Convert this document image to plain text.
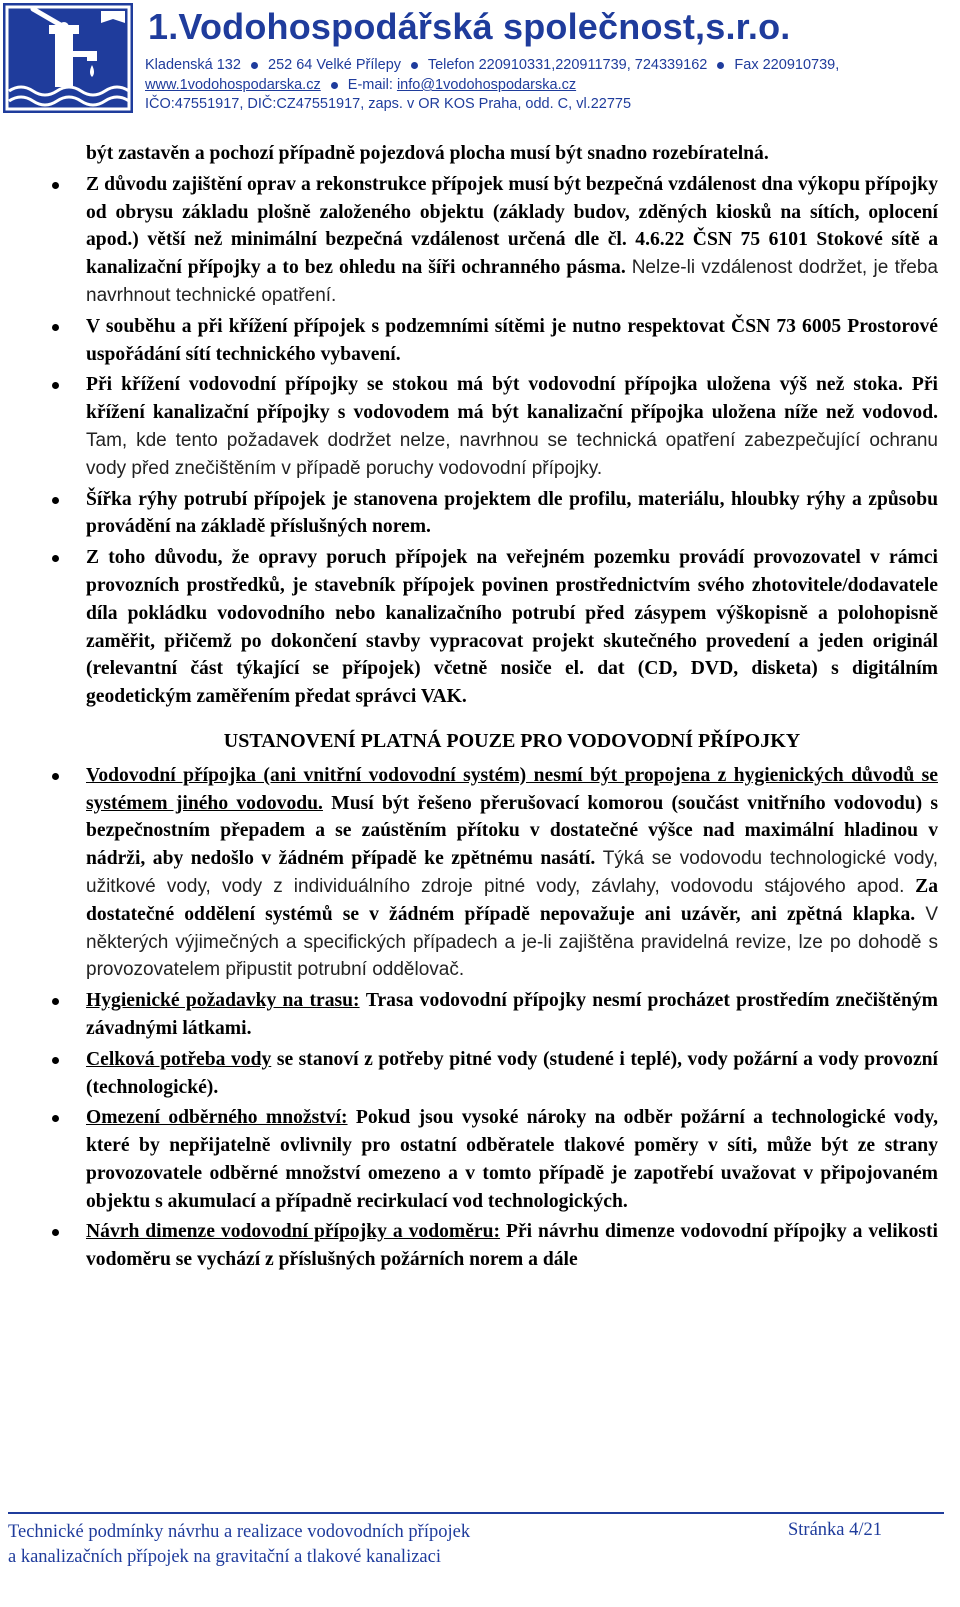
1.Vodohospodářská společnost,s.r.o.
Kladenská 132 252 64 Velké Přílepy Telefon 220910331,220911739, 724339162 Fax 220910739,
www.1vodohospodarska.cz E-mail: info@1vodohospodarska.cz
IČO:47551917, DIČ:CZ47551917, zaps. v OR KOS Praha, odd. C, vl.22775

být zastavěn a pochozí případně pojezdová plocha musí být snadno rozebíratelná.

Z důvodu zajištění oprav a rekonstrukce přípojek musí být bezpečná vzdálenost dna výkopu přípojky od obrysu základu plošně založeného objektu (základy budov, zděných kiosků na sítích, oplocení apod.) větší než minimální bezpečná vzdálenost určená dle čl. 4.6.22 ČSN 75 6101 Stokové sítě a kanalizační přípojky a to bez ohledu na šíři ochranného pásma. Nelze-li vzdálenost dodržet, je třeba navrhnout technické opatření.
V souběhu a při křížení přípojek s podzemními sítěmi je nutno respektovat ČSN 73 6005 Prostorové uspořádání sítí technického vybavení.
Při křížení vodovodní přípojky se stokou má být vodovodní přípojka uložena výš než stoka. Při křížení kanalizační přípojky s vodovodem má být kanalizační přípojka uložena níže než vodovod. Tam, kde tento požadavek dodržet nelze, navrhnou se technická opatření zabezpečující ochranu vody před znečištěním v případě poruchy vodovodní přípojky.
Šířka rýhy potrubí přípojek je stanovena projektem dle profilu, materiálu, hloubky rýhy a způsobu provádění na základě příslušných norem.
Z toho důvodu, že opravy poruch přípojek na veřejném pozemku provádí provozovatel v rámci provozních prostředků, je stavebník přípojek povinen prostřednictvím svého zhotovitele/dodavatele díla pokládku vodovodního nebo kanalizačního potrubí před zásypem výškopisně a polohopisně zaměřit, přičemž po dokončení stavby vypracovat projekt skutečného provedení a jeden originál (relevantní část týkající se přípojek) včetně nosiče el. dat (CD, DVD, disketa) s digitálním geodetickým zaměřením předat správci VAK.

USTANOVENÍ PLATNÁ POUZE PRO VODOVODNÍ PŘÍPOJKY

Vodovodní přípojka (ani vnitřní vodovodní systém) nesmí být propojena z hygienických důvodů se systémem jiného vodovodu. Musí být řešeno přerušovací komorou (součást vnitřního vodovodu) s bezpečnostním přepadem a se zaústěním přítoku v dostatečné výšce nad maximální hladinou v nádrži, aby nedošlo v žádném případě ke zpětnému nasátí. Týká se vodovodu technologické vody, užitkové vody, vody z individuálního zdroje pitné vody, závlahy, vodovodu stájového apod. Za dostatečné oddělení systémů se v žádném případě nepovažuje ani uzávěr, ani zpětná klapka. V některých výjimečných a specifických případech a je-li zajištěna pravidelná revize, lze po dohodě s provozovatelem připustit potrubní oddělovač.
Hygienické požadavky na trasu: Trasa vodovodní přípojky nesmí procházet prostředím znečištěným závadnými látkami.
Celková potřeba vody se stanoví z potřeby pitné vody (studené i teplé), vody požární a vody provozní (technologické).
Omezení odběrného množství: Pokud jsou vysoké nároky na odběr požární a technologické vody, které by nepřijatelně ovlivnily pro ostatní odběratele tlakové poměry v síti, může být ze strany provozovatele odběrné množství omezeno a v tomto případě je zapotřebí uvažovat v připojovaném objektu s akumulací a případně recirkulací vod technologických.
Návrh dimenze vodovodní přípojky a vodoměru: Při návrhu dimenze vodovodní přípojky a velikosti vodoměru se vychází z příslušných požárních norem a dále
Technické podmínky návrhu a realizace vodovodních přípojek
a kanalizačních přípojek na gravitační a tlakové kanalizaci
Stránka 4/21
